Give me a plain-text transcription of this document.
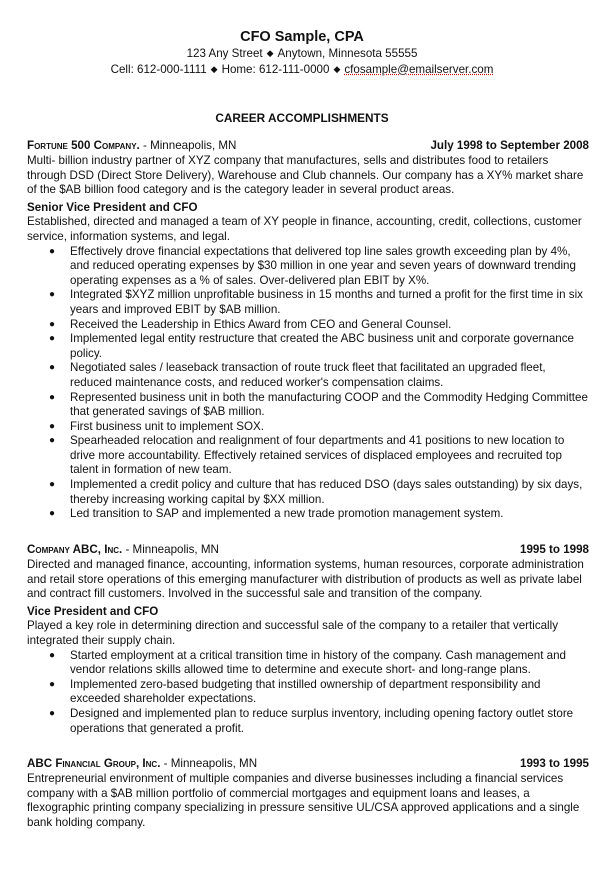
CFO Sample, CPA
123 Any Street ◆ Anytown, Minnesota 55555
Cell: 612-000-1111 ◆ Home: 612-111-0000 ◆ cfosample@emailserver.com
CAREER ACCOMPLISHMENTS
Fortune 500 Company. - Minneapolis, MN	July 1998 to September 2008

Multi- billion industry partner of XYZ company that manufactures, sells and distributes food to retailers through DSD (Direct Store Delivery), Warehouse and Club channels. Our company has a XY% market share of the $AB billion food category and is the category leader in several product areas.

Senior Vice President and CFO

Established, directed and managed a team of XY people in finance, accounting, credit, collections, customer service, information systems, and legal.

● Effectively drove financial expectations that delivered top line sales growth exceeding plan by 4%, and reduced operating expenses by $30 million in one year and seven years of downward trending operating expenses as a % of sales. Over-delivered plan EBIT by X%.
● Integrated $XYZ million unprofitable business in 15 months and turned a profit for the first time in six years and improved EBIT by $AB million.
● Received the Leadership in Ethics Award from CEO and General Counsel.
● Implemented legal entity restructure that created the ABC business unit and corporate governance policy.
● Negotiated sales / leaseback transaction of route truck fleet that facilitated an upgraded fleet, reduced maintenance costs, and reduced worker's compensation claims.
● Represented business unit in both the manufacturing COOP and the Commodity Hedging Committee that generated savings of $AB million.
● First business unit to implement SOX.
● Spearheaded relocation and realignment of four departments and 41 positions to new location to drive more accountability. Effectively retained services of displaced employees and recruited top talent in formation of new team.
● Implemented a credit policy and culture that has reduced DSO (days sales outstanding) by six days, thereby increasing working capital by $XX million.
● Led transition to SAP and implemented a new trade promotion management system.
Company ABC, Inc. - Minneapolis, MN	1995 to 1998

Directed and managed finance, accounting, information systems, human resources, corporate administration and retail store operations of this emerging manufacturer with distribution of products as well as private label and contract fill customers. Involved in the successful sale and transition of the company.

Vice President and CFO

Played a key role in determining direction and successful sale of the company to a retailer that vertically integrated their supply chain.

● Started employment at a critical transition time in history of the company. Cash management and vendor relations skills allowed time to determine and execute short- and long-range plans.
● Implemented zero-based budgeting that instilled ownership of department responsibility and exceeded shareholder expectations.
● Designed and implemented plan to reduce surplus inventory, including opening factory outlet store operations that generated a profit.
ABC Financial Group, Inc. - Minneapolis, MN	1993 to 1995

Entrepreneurial environment of multiple companies and diverse businesses including a financial services company with a $AB million portfolio of commercial mortgages and equipment loans and leases, a flexographic printing company specializing in pressure sensitive UL/CSA approved applications and a single bank holding company.
